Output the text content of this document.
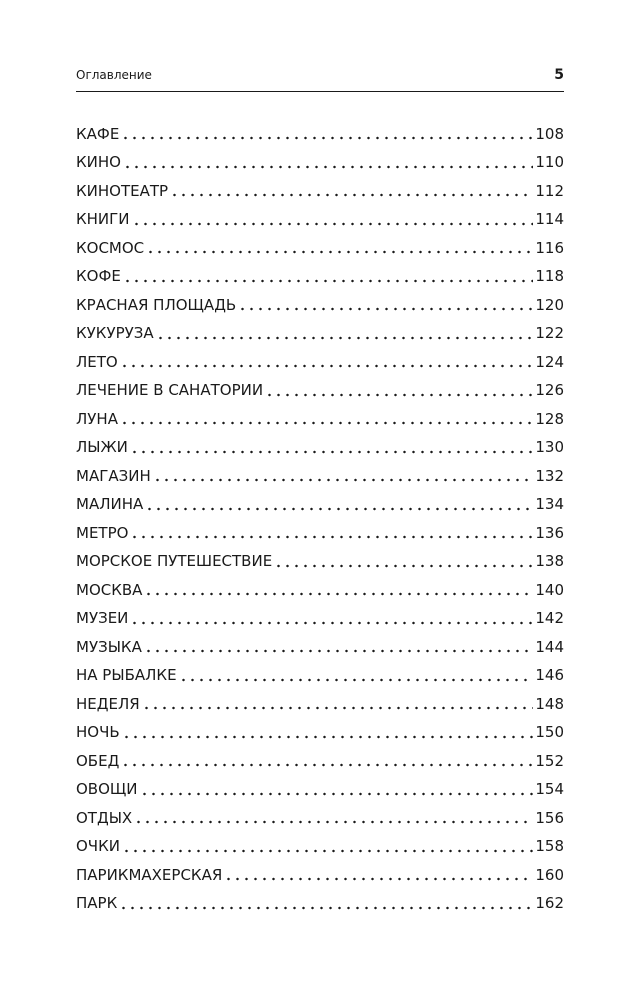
Оглавление	5
КАФЕ	108
КИНО	110
КИНОТЕАТР	112
КНИГИ	114
КОСМОС	116
КОФЕ	118
КРАСНАЯ ПЛОЩАДЬ	120
КУКУРУЗА	122
ЛЕТО	124
ЛЕЧЕНИЕ В САНАТОРИИ	126
ЛУНА	128
ЛЫЖИ	130
МАГАЗИН	132
МАЛИНА	134
МЕТРО	136
МОРСКОЕ ПУТЕШЕСТВИЕ	138
МОСКВА	140
МУЗЕИ	142
МУЗЫКА	144
НА РЫБАЛКЕ	146
НЕДЕЛЯ	148
НОЧЬ	150
ОБЕД	152
ОВОЩИ	154
ОТДЫХ	156
ОЧКИ	158
ПАРИКМАХЕРСКАЯ	160
ПАРК	162
